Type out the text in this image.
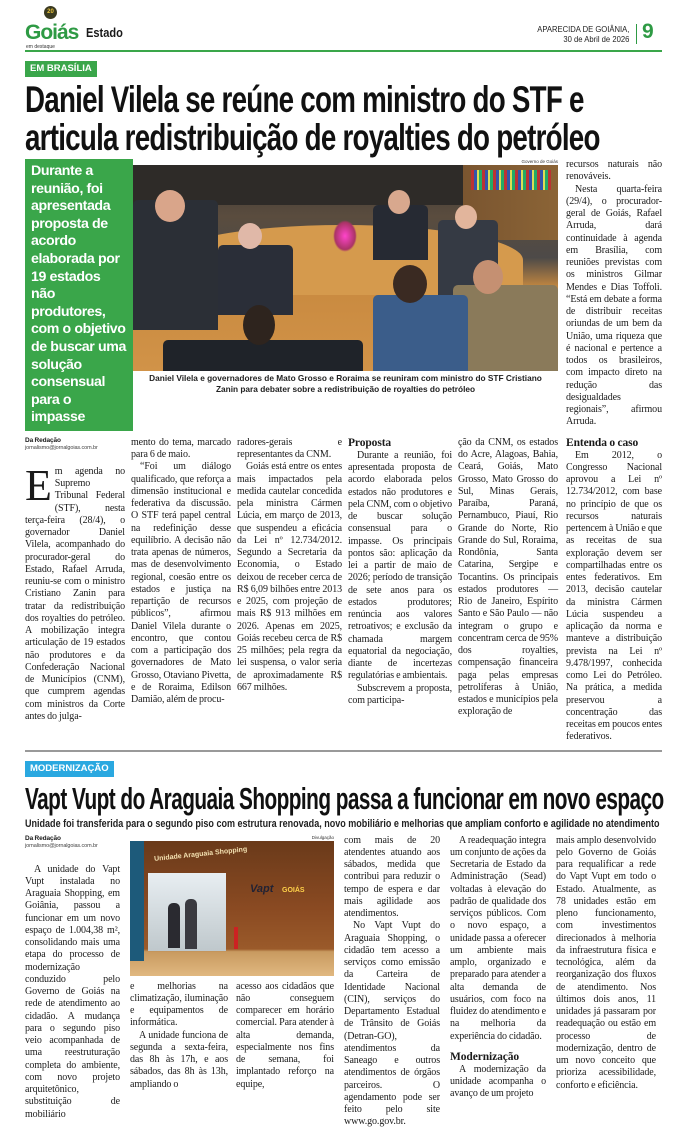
20
Goiás
em destaque
Estado	APARECIDA DE GOIÂNIA,
30 de Abril de 2026 9
EM BRASÍLIA
Daniel Vilela se reúne com ministro do STF e
articula redistribuição de royalties do petróleo
Durante a reunião, foi apresentada proposta de acordo elaborada por 19 estados não produtores, com o objetivo de buscar uma solução consensual para o impasse
Governo de Goiás
Daniel Vilela e governadores de Mato Grosso e Roraima se reuniram com ministro do STF Cristiano Zanin para debater sobre a redistribuição de royalties do petróleo
Da Redação
jornalismo@jornalgoias.com.br

E m agenda no Supremo Tribunal Federal (STF), nesta terça-feira (28/4), o governador Daniel Vilela, acompanhado do procurador-geral do Estado, Rafael Arruda, reuniu-se com o ministro Cristiano Zanin para tratar da redistribuição dos royalties do petróleo. A mobilização integra articulação de 19 estados não produtores e da Confederação Nacional de Municípios (CNM), que cumprem agendas com ministros da Corte antes do julga-

mento do tema, marcado para 6 de maio.

“Foi um diálogo qualificado, que reforça a dimensão institucional e federativa da discussão. O STF terá papel central na redefinição desse equilíbrio. A decisão não trata apenas de números, mas de desenvolvimento regional, coesão entre os estados e justiça na repartição de recursos públicos”, afirmou Daniel Vilela durante o encontro, que contou com a participação dos governadores de Mato Grosso, Otaviano Pivetta, e de Roraima, Edilson Damião, além de procu-

radores-gerais e representantes da CNM.

Goiás está entre os entes mais impactados pela medida cautelar concedida pela ministra Cármen Lúcia, em março de 2013, que suspendeu a eficácia da Lei nº 12.734/2012. Segundo a Secretaria da Economia, o Estado deixou de receber cerca de R$ 6,09 bilhões entre 2013 e 2025, com projeção de mais R$ 913 milhões em 2026. Apenas em 2025, Goiás recebeu cerca de R$ 25 milhões; pela regra da lei suspensa, o valor seria de aproximadamente R$ 667 milhões.

Proposta

Durante a reunião, foi apresentada proposta de acordo elaborada pelos estados não produtores e pela CNM, com o objetivo de buscar solução consensual para o impasse. Os principais pontos são: aplicação da lei a partir de maio de 2026; período de transição de sete anos para os estados produtores; renúncia aos valores retroativos; e exclusão da chamada margem equatorial da negociação, diante de incertezas regulatórias e ambientais.

Subscrevem a proposta, com participa-

ção da CNM, os estados do Acre, Alagoas, Bahia, Ceará, Goiás, Mato Grosso, Mato Grosso do Sul, Minas Gerais, Paraíba, Paraná, Pernambuco, Piauí, Rio Grande do Norte, Rio Grande do Sul, Roraima, Rondônia, Santa Catarina, Sergipe e Tocantins. Os principais estados produtores — Rio de Janeiro, Espírito Santo e São Paulo — não integram o grupo e concentram cerca de 95% dos royalties, compensação financeira paga pelas empresas petrolíferas à União, estados e municípios pela exploração de

recursos naturais não renováveis.

Nesta quarta-feira (29/4), o procurador-geral de Goiás, Rafael Arruda, dará continuidade à agenda em Brasília, com reuniões previstas com os ministros Gilmar Mendes e Dias Toffoli. “Está em debate a forma de distribuir receitas oriundas de um bem da União, uma riqueza que é nacional e pertence a todos os brasileiros, com impacto direto na redução das desigualdades regionais”, afirmou Arruda.

Entenda o caso

Em 2012, o Congresso Nacional aprovou a Lei nº 12.734/2012, com base no princípio de que os recursos naturais pertencem à União e que as receitas de sua exploração devem ser compartilhadas entre os entes federativos. Em 2013, decisão cautelar da ministra Cármen Lúcia suspendeu a aplicação da norma e manteve a distribuição prevista na Lei nº 9.478/1997, conhecida como Lei do Petróleo. Na prática, a medida preservou a concentração das receitas em poucos entes federativos.

MODERNIZAÇÃO
Vapt Vupt do Araguaia Shopping passa a funcionar em novo espaço
Unidade foi transferida para o segundo piso com estrutura renovada, novo mobiliário e melhorias que ampliam conforto e agilidade no atendimento
Da Redação
jornalismo@jornalgoias.com.br

A unidade do Vapt Vupt instalada no Araguaia Shopping, em Goiânia, passou a funcionar em um novo espaço de 1.004,38 m², consolidando mais uma etapa do processo de modernização conduzido pelo Governo de Goiás na rede de atendimento ao cidadão. A mudança para o segundo piso veio acompanhada de uma reestruturação completa do ambiente, com novo projeto arquitetônico, substituição de mobiliário

Divulgação
Unidade Araguaia Shopping
Vapt GOIÁS

e melhorias na climatização, iluminação e equipamentos de informática.

A unidade funciona de segunda a sexta-feira, das 8h às 17h, e aos sábados, das 8h às 13h, ampliando o

acesso aos cidadãos que não conseguem comparecer em horário comercial. Para atender à alta demanda, especialmente nos fins de semana, foi implantado reforço na equipe,

com mais de 20 atendentes atuando aos sábados, medida que contribui para reduzir o tempo de espera e dar mais agilidade aos atendimentos.

No Vapt Vupt do Araguaia Shopping, o cidadão tem acesso a serviços como emissão da Carteira de Identidade Nacional (CIN), serviços do Departamento Estadual de Trânsito de Goiás (Detran-GO), atendimentos da Saneago e outros atendimentos de órgãos parceiros. O agendamento pode ser feito pelo site www.go.gov.br.

A readequação integra um conjunto de ações da Secretaria de Estado da Administração (Sead) voltadas à elevação do padrão de qualidade dos serviços públicos. Com o novo espaço, a unidade passa a oferecer um ambiente mais amplo, organizado e preparado para atender a alta demanda de usuários, com foco na fluidez do atendimento e na melhoria da experiência do cidadão.

Modernização

A modernização da unidade acompanha o avanço de um projeto

mais amplo desenvolvido pelo Governo de Goiás para requalificar a rede do Vapt Vupt em todo o Estado. Atualmente, as 78 unidades estão em pleno funcionamento, com investimentos direcionados à melhoria da infraestrutura física e tecnológica, além da reorganização dos fluxos de atendimento. Nos últimos dois anos, 11 unidades já passaram por readequação ou estão em processo de modernização, dentro de um novo conceito que prioriza acessibilidade, conforto e eficiência.
